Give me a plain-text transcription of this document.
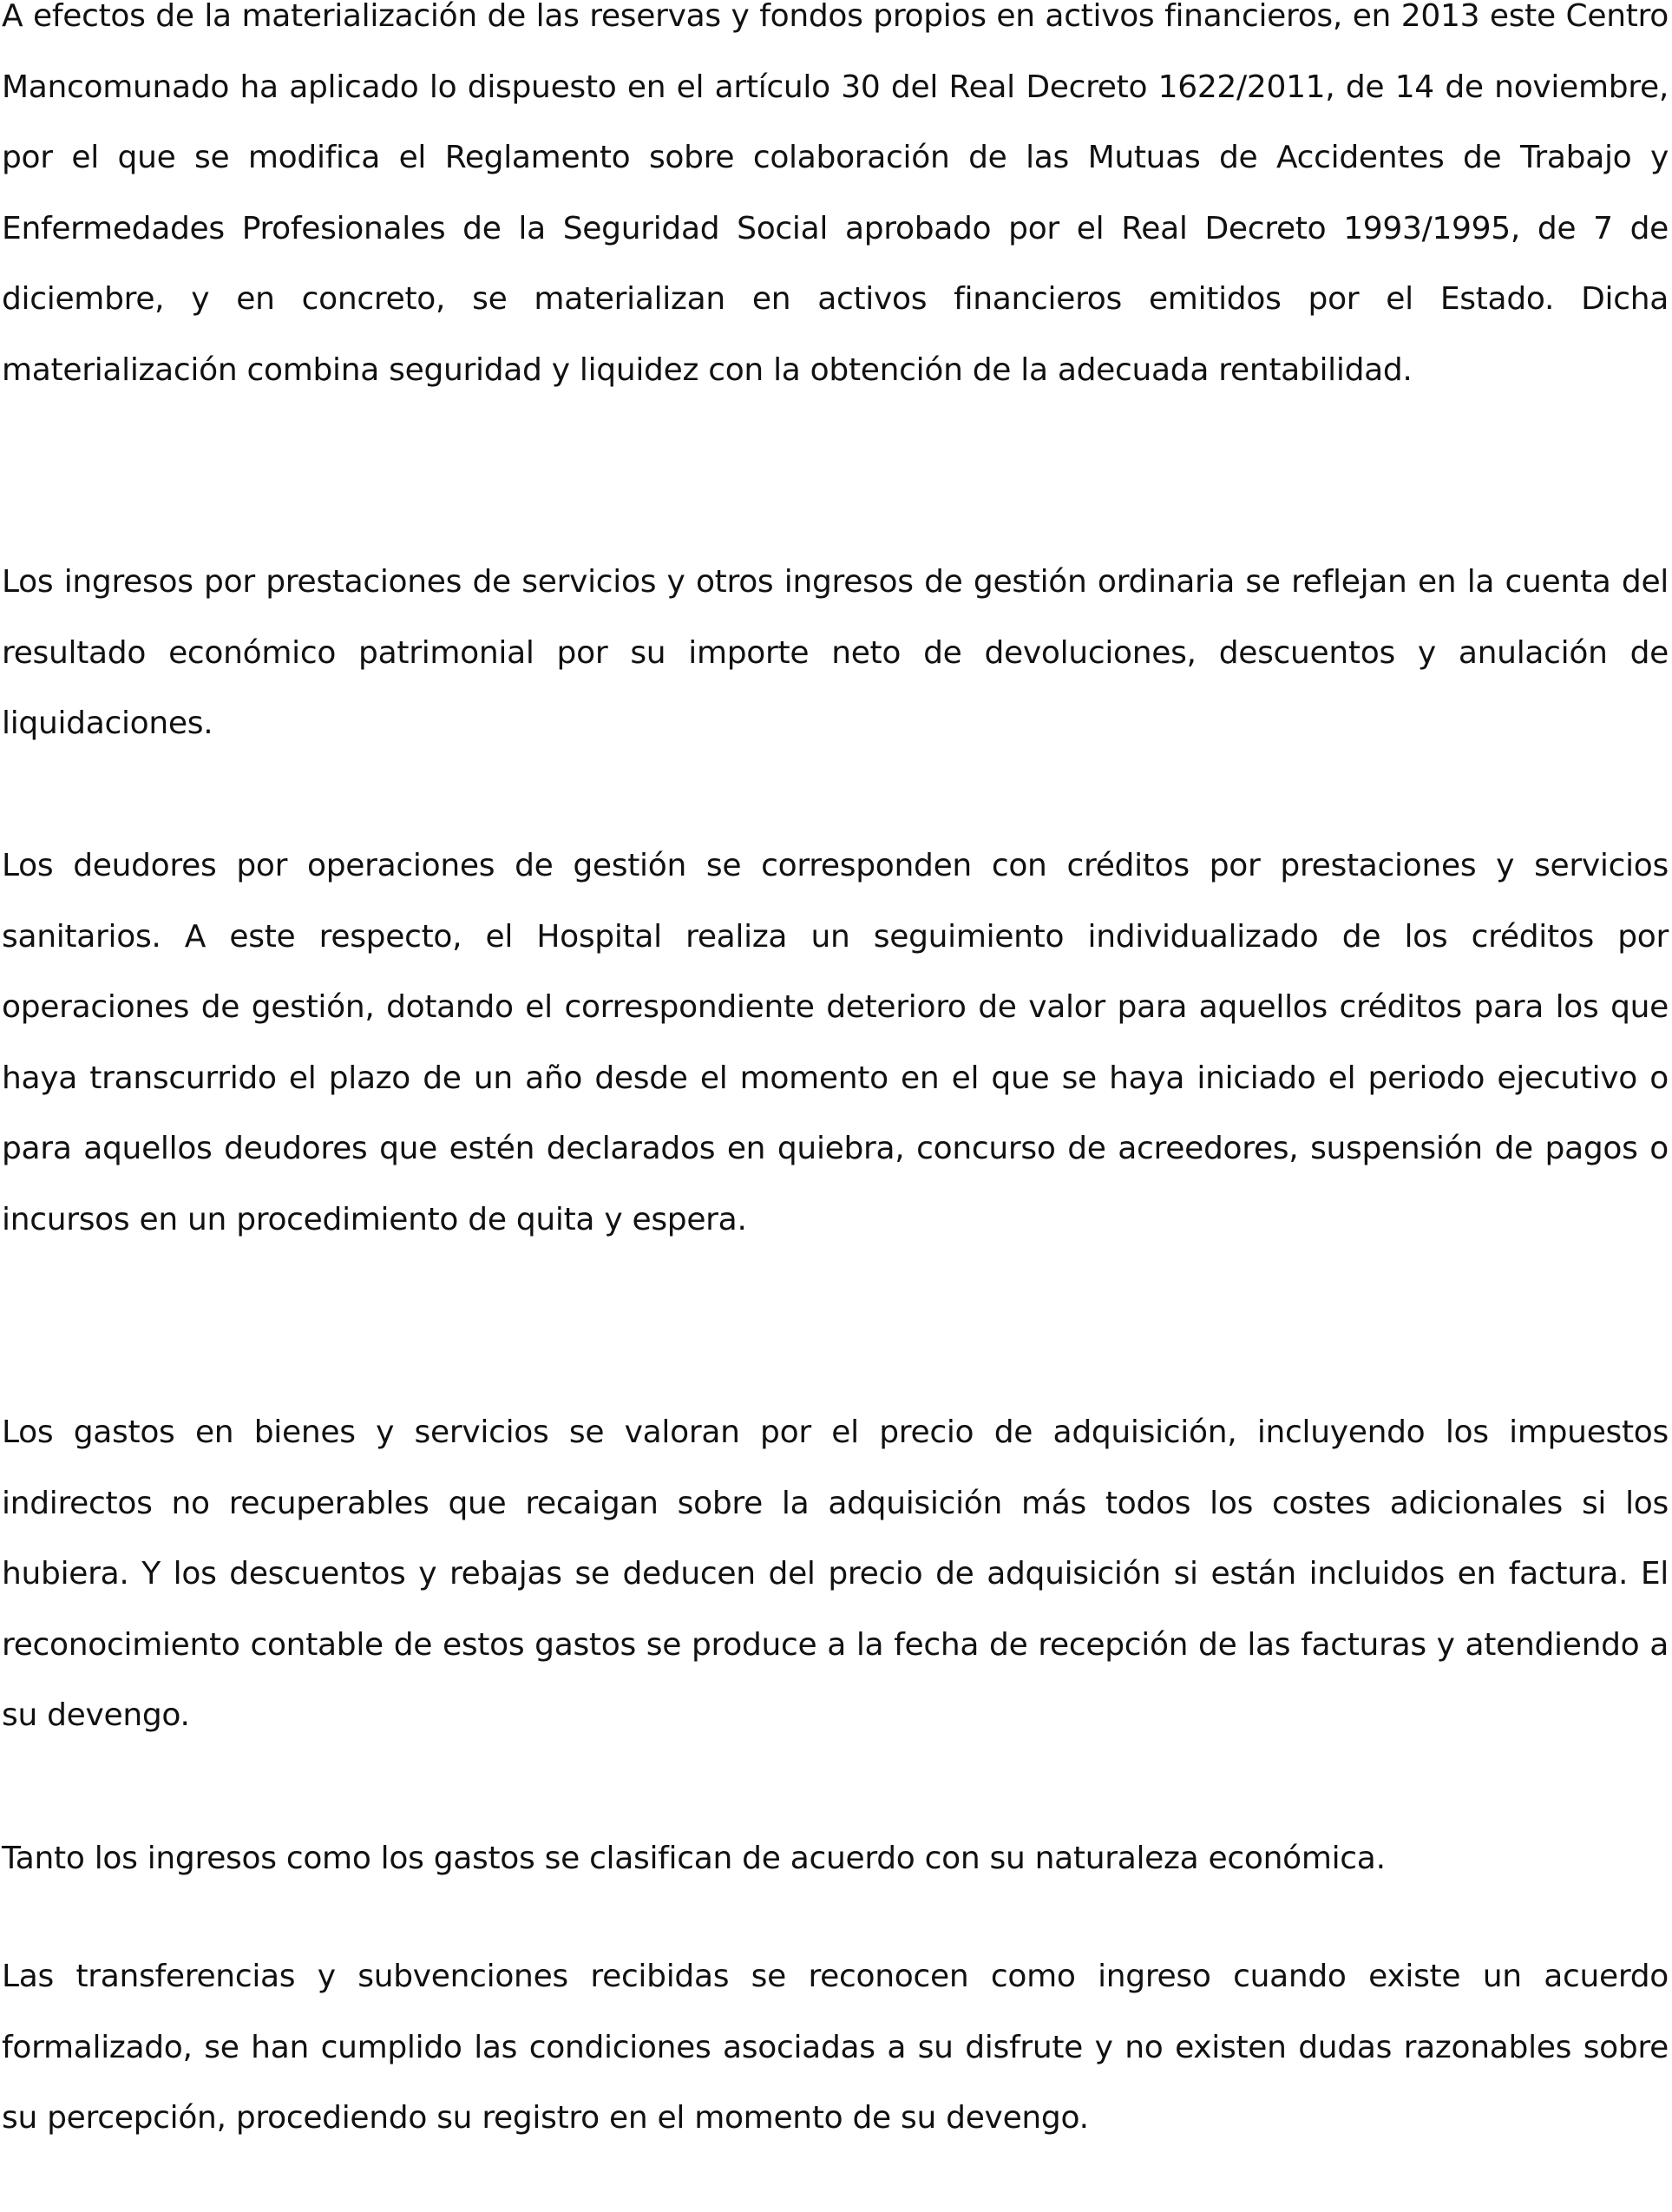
A efectos de la materialización de las reservas y fondos propios en activos financieros, en 2013 este Centro Mancomunado ha aplicado lo dispuesto en el artículo 30 del Real Decreto 1622/2011, de 14 de noviembre, por el que se modifica el Reglamento sobre colaboración de las Mutuas de Accidentes de Trabajo y Enfermedades Profesionales de la Seguridad Social aprobado por el Real Decreto 1993/1995, de 7 de diciembre, y en concreto, se materializan en activos financieros emitidos por el Estado. Dicha materialización combina seguridad y liquidez con la obtención de la adecuada rentabilidad.

Los ingresos por prestaciones de servicios y otros ingresos de gestión ordinaria se reflejan en la cuenta del resultado económico patrimonial por su importe neto de devoluciones, descuentos y anulación de liquidaciones.

Los deudores por operaciones de gestión se corresponden con créditos por prestaciones y servicios sanitarios. A este respecto, el Hospital realiza un seguimiento individualizado de los créditos por operaciones de gestión, dotando el correspondiente deterioro de valor para aquellos créditos para los que haya transcurrido el plazo de un año desde el momento en el que se haya iniciado el periodo ejecutivo o para aquellos deudores que estén declarados en quiebra, concurso de acreedores, suspensión de pagos o incursos en un procedimiento de quita y espera.

Los gastos en bienes y servicios se valoran por el precio de adquisición, incluyendo los impuestos indirectos no recuperables que recaigan sobre la adquisición más todos los costes adicionales si los hubiera. Y los descuentos y rebajas se deducen del precio de adquisición si están incluidos en factura. El reconocimiento contable de estos gastos se produce a la fecha de recepción de las facturas y atendiendo a su devengo.

Tanto los ingresos como los gastos se clasifican de acuerdo con su naturaleza económica.

Las transferencias y subvenciones recibidas se reconocen como ingreso cuando existe un acuerdo formalizado, se han cumplido las condiciones asociadas a su disfrute y no existen dudas razonables sobre su percepción, procediendo su registro en el momento de su devengo.
